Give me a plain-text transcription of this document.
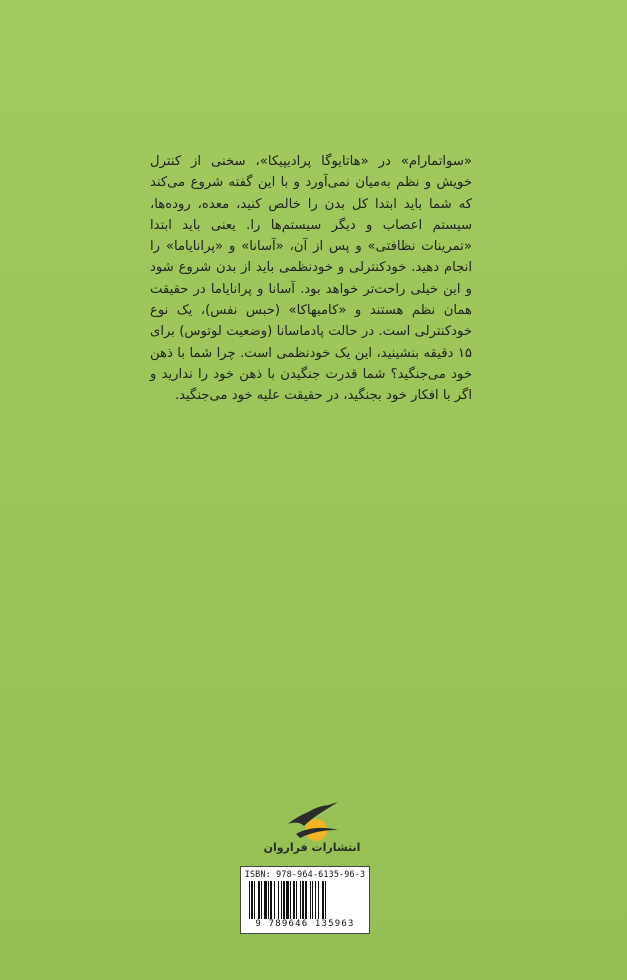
«سواتمارام» در «هاتایوگا پرادیپیکا»، سخنی از کنترل خویش و نظم به‌میان نمی‌آورد و با این گفته شروع می‌کند که شما باید ابتدا کل بدن را خالص کنید، معده، روده‌ها، سیستم اعصاب و دیگر سیستم‌ها را. یعنی باید ابتدا «تمرینات نظافتی» و پس از آن، «آسانا» و «پرانایاما» را انجام دهید. خودکنترلی و خودنظمی باید از بدن شروع شود و این خیلی راحت‌تر خواهد بود. آسانا و پرانایاما در حقیقت همان نظم هستند و «کامبهاکا» (حبس نفس)، یک نوع خودکنترلی است. در حالت پادماسانا (وضعیت لوتوس) برای ۱۵ دقیقه بنشینید، این یک خودنظمی است. چرا شما با ذهن خود می‌جنگید؟ شما قدرت جنگیدن با ذهن خود را ندارید و اگر با افکار خود بجنگید، در حقیقت علیه خود می‌جنگید.

انتشارات فراروان
ISBN: 978-964-6135-96-3
9 789646 135963
